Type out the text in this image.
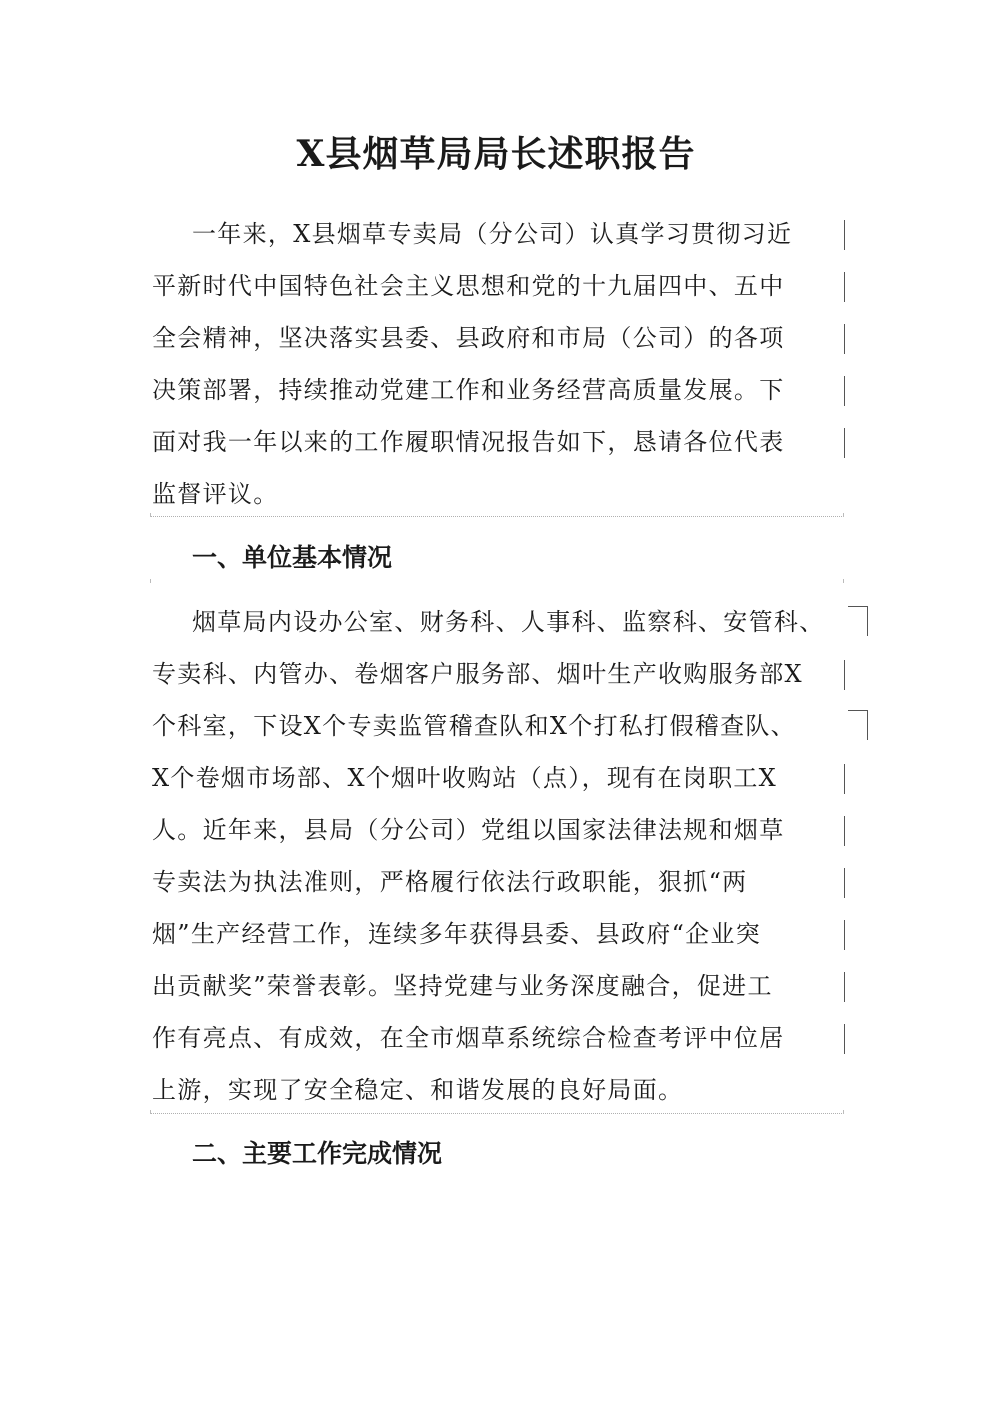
X县烟草局局长述职报告
一年来，X县烟草专卖局（分公司）认真学习贯彻习近
平新时代中国特色社会主义思想和党的十九届四中、五中
全会精神，坚决落实县委、县政府和市局（公司）的各项
决策部署，持续推动党建工作和业务经营高质量发展。下
面对我一年以来的工作履职情况报告如下，恳请各位代表
监督评议。
一、单位基本情况
烟草局内设办公室、财务科、人事科、监察科、安管科、
专卖科、内管办、卷烟客户服务部、烟叶生产收购服务部X
个科室，下设X个专卖监管稽查队和X个打私打假稽查队、
X个卷烟市场部、X个烟叶收购站（点），现有在岗职工X
人。近年来，县局（分公司）党组以国家法律法规和烟草
专卖法为执法准则，严格履行依法行政职能，狠抓“两
烟”生产经营工作，连续多年获得县委、县政府“企业突
出贡献奖”荣誉表彰。坚持党建与业务深度融合，促进工
作有亮点、有成效，在全市烟草系统综合检查考评中位居
上游，实现了安全稳定、和谐发展的良好局面。
二、主要工作完成情况
